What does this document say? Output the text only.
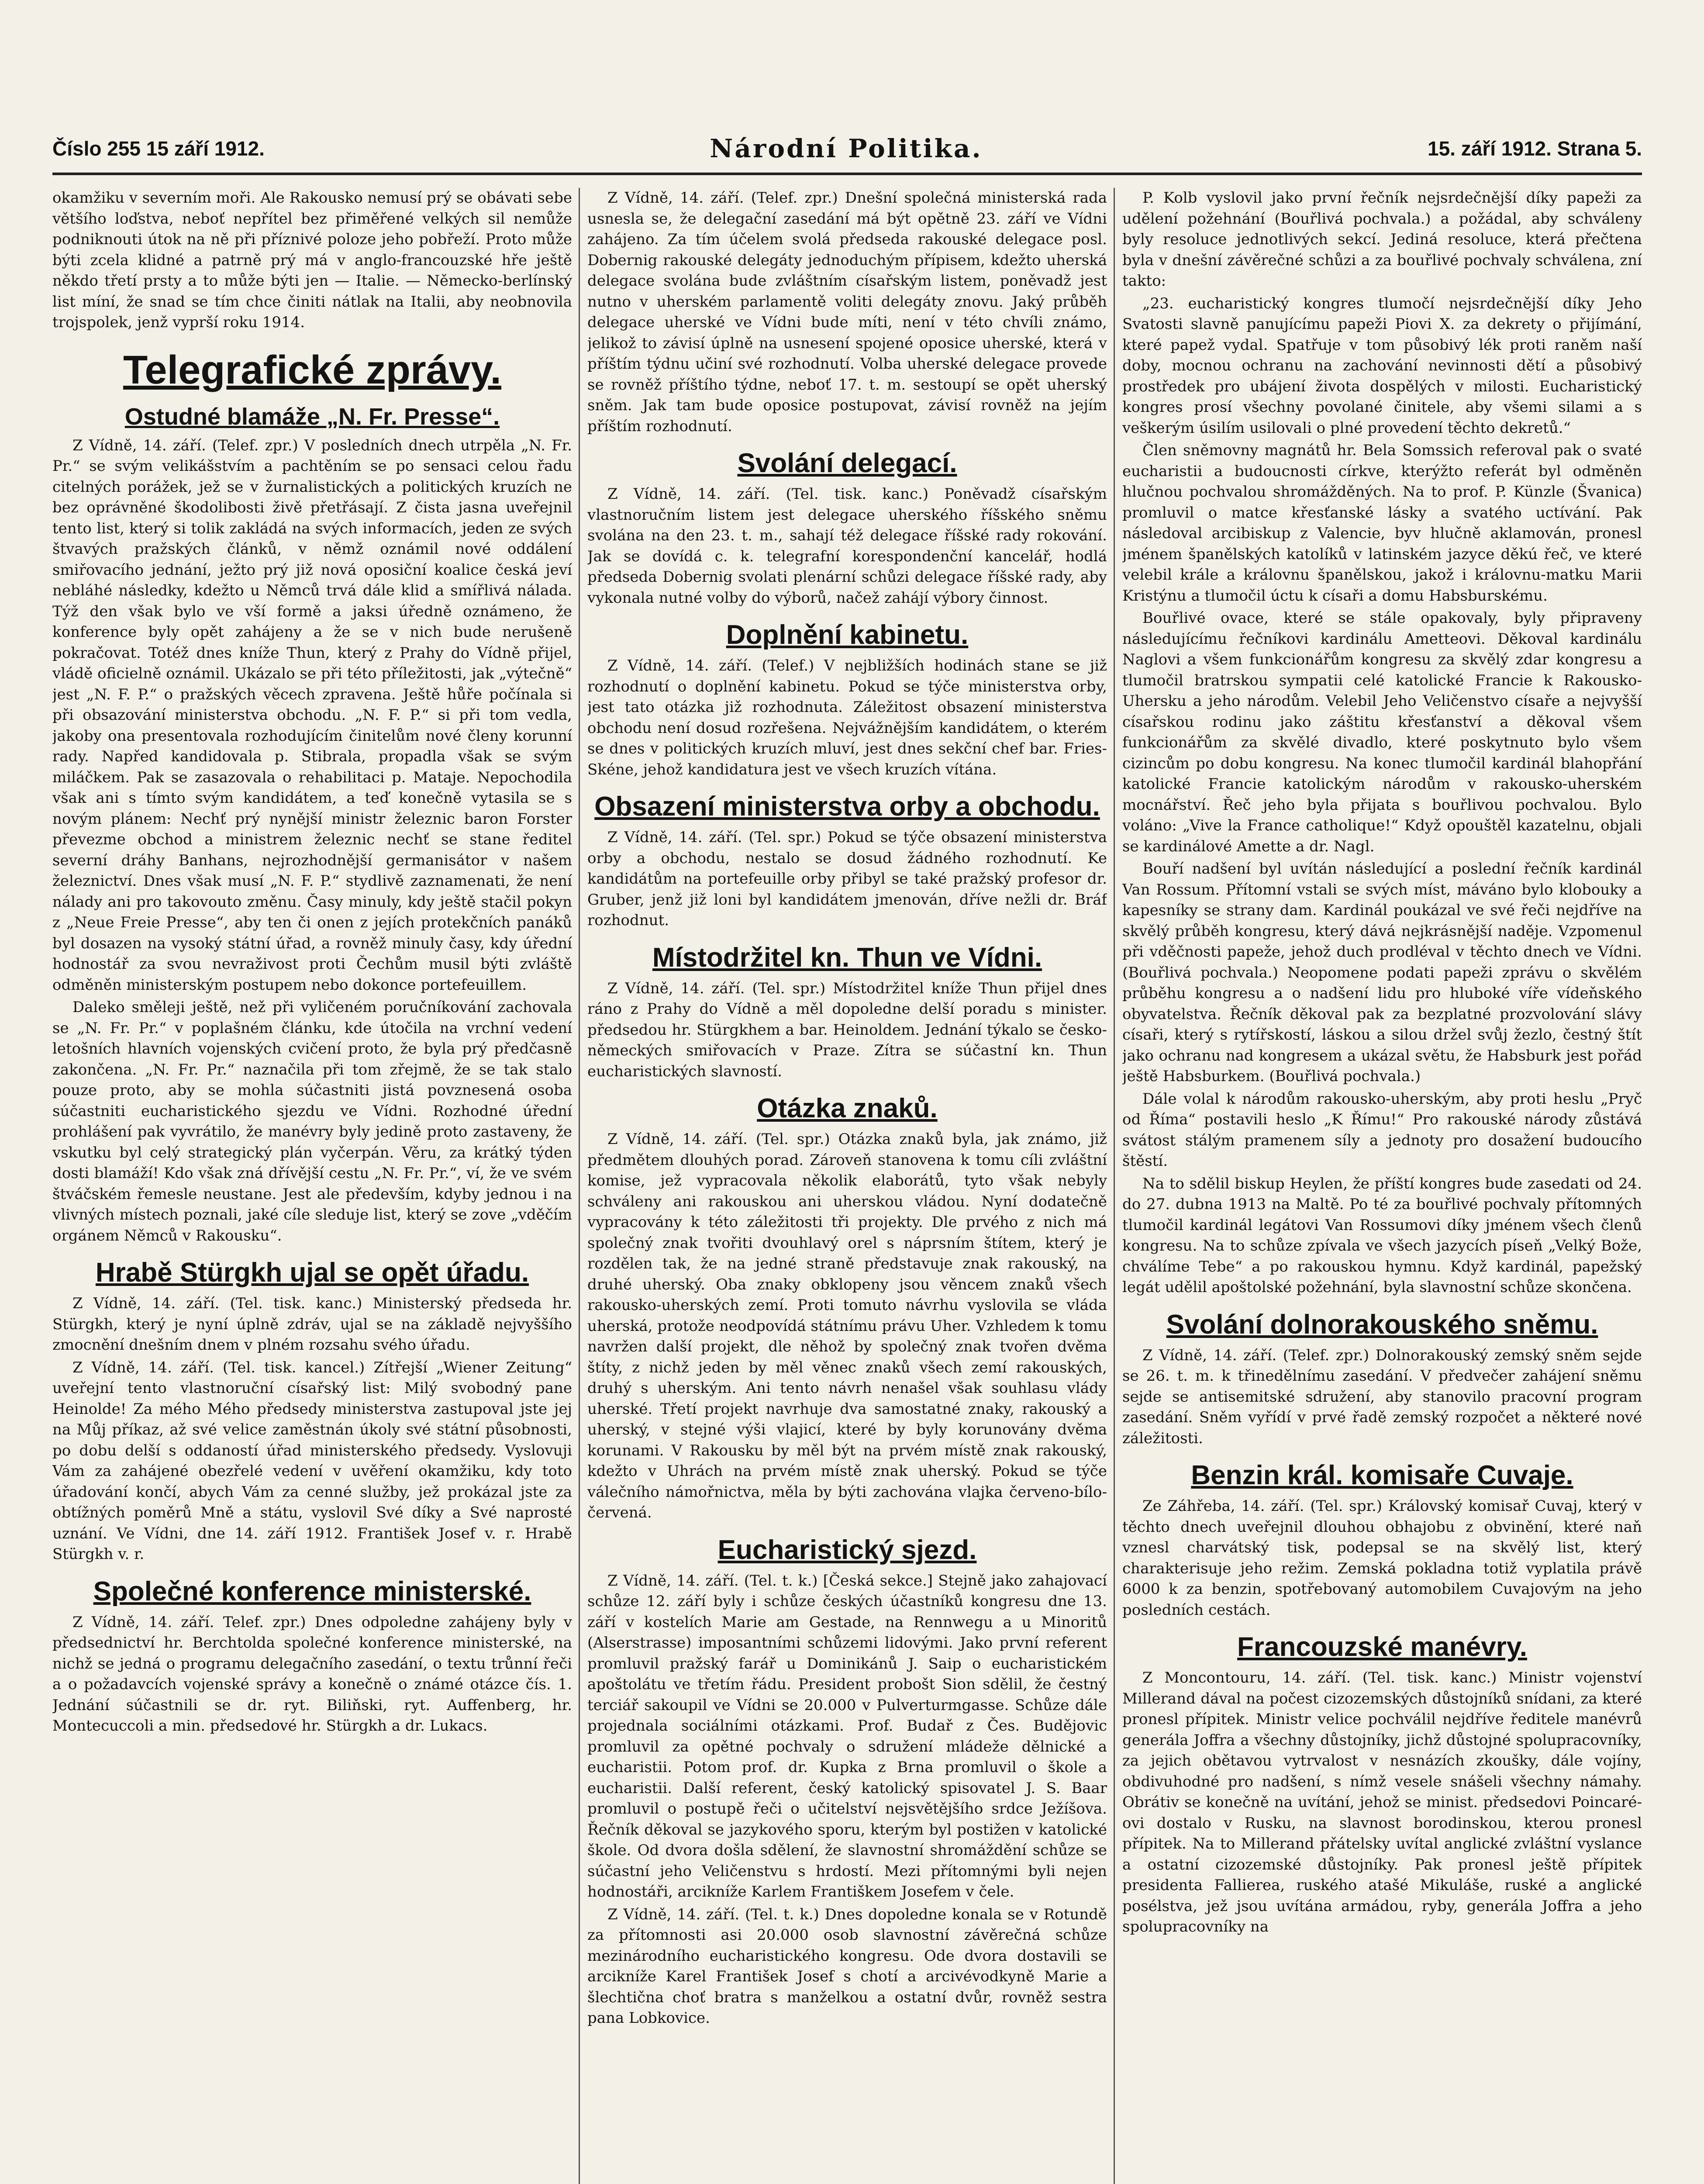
Číslo 255 15 září 1912.	Národní Politika.	15. září 1912. Strana 5.

okamžiku v severním moři. Ale Rakousko nemusí prý se obávati sebe většího loďstva, neboť nepřítel bez přiměřené velkých sil nemůže podniknouti útok na ně při příznivé poloze jeho pobřeží. Proto může býti zcela klidné a patrně prý má v anglo-francouzské hře ještě někdo třetí prsty a to může býti jen — Italie. — Německo-berlínský list míní, že snad se tím chce činiti nátlak na Italii, aby neobnovila trojspolek, jenž vyprší roku 1914.

Telegrafické zprávy.
Ostudné blamáže „N. Fr. Presse“.

Z Vídně, 14. září. (Telef. zpr.) V posledních dnech utrpěla „N. Fr. Pr.“ se svým velikášstvím a pachtěním se po sensaci celou řadu citelných porážek, jež se v žurnalistických a politických kruzích ne bez oprávněné škodolibosti živě přetřásají. Z čista jasna uveřejnil tento list, který si tolik zakládá na svých informacích, jeden ze svých štvavých pražských článků, v němž oznámil nové oddálení smiřovacího jednání, ježto prý již nová oposiční koalice česká jeví nebláhé následky, kdežto u Němců trvá dále klid a smířlivá nálada. Týž den však bylo ve vší formě a jaksi úředně oznámeno, že konference byly opět zahájeny a že se v nich bude nerušeně pokračovat. Totéž dnes kníže Thun, který z Prahy do Vídně přijel, vládě oficielně oznámil. Ukázalo se při této příležitosti, jak „výtečně“ jest „N. F. P.“ o pražských věcech zpravena. Ještě hůře počínala si při obsazování ministerstva obchodu. „N. F. P.“ si při tom vedla, jakoby ona presentovala rozhodujícím činitelům nové členy korunní rady. Napřed kandidovala p. Stibrala, propadla však se svým miláčkem. Pak se zasazovala o rehabilitaci p. Mataje. Nepochodila však ani s tímto svým kandidátem, a teď konečně vytasila se s novým plánem: Nechť prý nynější ministr železnic baron Forster převezme obchod a ministrem železnic nechť se stane ředitel severní dráhy Banhans, nejrozhodnější germanisátor v našem železnictví. Dnes však musí „N. F. P.“ stydlivě zaznamenati, že není nálady ani pro takovouto změnu. Časy minuly, kdy ještě stačil pokyn z „Neue Freie Presse“, aby ten či onen z jejích protekčních panáků byl dosazen na vysoký státní úřad, a rovněž minuly časy, kdy úřední hodnostář za svou nevraživost proti Čechům musil býti zvláště odměněn ministerským postupem nebo dokonce portefeuillem.

Daleko směleji ještě, než při vyličeném poručníkování zachovala se „N. Fr. Pr.“ v poplašném článku, kde útočila na vrchní vedení letošních hlavních vojenských cvičení proto, že byla prý předčasně zakončena. „N. Fr. Pr.“ naznačila při tom zřejmě, že se tak stalo pouze proto, aby se mohla súčastniti jistá povznesená osoba súčastniti eucharistického sjezdu ve Vídni. Rozhodné úřední prohlášení pak vyvrátilo, že manévry byly jedině proto zastaveny, že vskutku byl celý strategický plán vyčerpán. Věru, za krátký týden dosti blamáží! Kdo však zná dřívější cestu „N. Fr. Pr.“, ví, že ve svém štváčském řemesle neustane. Jest ale především, kdyby jednou i na vlivných místech poznali, jaké cíle sleduje list, který se zove „vděčím orgánem Němců v Rakousku“.

Hrabě Stürgkh ujal se opět úřadu.

Z Vídně, 14. září. (Tel. tisk. kanc.) Ministerský předseda hr. Stürgkh, který je nyní úplně zdráv, ujal se na základě nejvyššího zmocnění dnešním dnem v plném rozsahu svého úřadu.

Z Vídně, 14. září. (Tel. tisk. kancel.) Zítřejší „Wiener Zeitung“ uveřejní tento vlastnoruční císařský list: Milý svobodný pane Heinolde! Za mého Mého předsedy ministerstva zastupoval jste jej na Můj příkaz, až své velice zaměstnán úkoly své státní působnosti, po dobu delší s oddaností úřad ministerského předsedy. Vyslovuji Vám za zahájené obezřelé vedení v uvěření okamžiku, kdy toto úřadování končí, abych Vám za cenné služby, jež prokázal jste za obtížných poměrů Mně a státu, vyslovil Své díky a Své naprosté uznání. Ve Vídni, dne 14. září 1912. František Josef v. r. Hrabě Stürgkh v. r.

Společné konference ministerské.

Z Vídně, 14. září. Telef. zpr.) Dnes odpoledne zahájeny byly v předsednictví hr. Berchtolda společné konference ministerské, na nichž se jedná o programu delegačního zasedání, o textu trůnní řeči a o požadavcích vojenské správy a konečně o známé otázce čís. 1. Jednání súčastnili se dr. ryt. Biliňski, ryt. Auffenberg, hr. Montecuccoli a min. předsedové hr. Stürgkh a dr. Lukacs.

Z Vídně, 14. září. (Telef. zpr.) Dnešní společná ministerská rada usnesla se, že delegační zasedání má být opětně 23. září ve Vídni zahájeno. Za tím účelem svolá předseda rakouské delegace posl. Dobernig rakouské delegáty jednoduchým přípisem, kdežto uherská delegace svolána bude zvláštním císařským listem, poněvadž jest nutno v uherském parlamentě voliti delegáty znovu. Jaký průběh delegace uherské ve Vídni bude míti, není v této chvíli známo, jelikož to závisí úplně na usnesení spojené oposice uherské, která v příštím týdnu učiní své rozhodnutí. Volba uherské delegace provede se rovněž příštího týdne, neboť 17. t. m. sestoupí se opět uherský sněm. Jak tam bude oposice postupovat, závisí rovněž na jejím příštím rozhodnutí.

Svolání delegací.

Z Vídně, 14. září. (Tel. tisk. kanc.) Poněvadž císařským vlastnoručním listem jest delegace uherského říšského sněmu svolána na den 23. t. m., sahají též delegace říšské rady rokování. Jak se dovídá c. k. telegrafní korespondenční kancelář, hodlá předseda Dobernig svolati plenární schůzi delegace říšské rady, aby vykonala nutné volby do výborů, načež zahájí výbory činnost.

Doplnění kabinetu.

Z Vídně, 14. září. (Telef.) V nejbližších hodinách stane se již rozhodnutí o doplnění kabinetu. Pokud se týče ministerstva orby, jest tato otázka již rozhodnuta. Záležitost obsazení ministerstva obchodu není dosud rozřešena. Nejvážnějším kandidátem, o kterém se dnes v politických kruzích mluví, jest dnes sekční chef bar. Fries-Skéne, jehož kandidatura jest ve všech kruzích vítána.

Obsazení ministerstva orby a obchodu.

Z Vídně, 14. září. (Tel. spr.) Pokud se týče obsazení ministerstva orby a obchodu, nestalo se dosud žádného rozhodnutí. Ke kandidátům na portefeuille orby přibyl se také pražský profesor dr. Gruber, jenž již loni byl kandidátem jmenován, dříve nežli dr. Bráf rozhodnut.

Místodržitel kn. Thun ve Vídni.

Z Vídně, 14. září. (Tel. spr.) Místodržitel kníže Thun přijel dnes ráno z Prahy do Vídně a měl dopoledne delší poradu s minister. předsedou hr. Stürgkhem a bar. Heinoldem. Jednání týkalo se česko-německých smiřovacích v Praze. Zítra se súčastní kn. Thun eucharistických slavností.

Otázka znaků.

Z Vídně, 14. září. (Tel. spr.) Otázka znaků byla, jak známo, již předmětem dlouhých porad. Zároveň stanovena k tomu cíli zvláštní komise, jež vypracovala několik elaborátů, tyto však nebyly schváleny ani rakouskou ani uherskou vládou. Nyní dodatečně vypracovány k této záležitosti tři projekty. Dle prvého z nich má společný znak tvořiti dvouhlavý orel s náprsním štítem, který je rozdělen tak, že na jedné straně představuje znak rakouský, na druhé uherský. Oba znaky obklopeny jsou věncem znaků všech rakousko-uherských zemí. Proti tomuto návrhu vyslovila se vláda uherská, protože neodpovídá státnímu právu Uher. Vzhledem k tomu navržen další projekt, dle něhož by společný znak tvořen dvěma štíty, z nichž jeden by měl věnec znaků všech zemí rakouských, druhý s uherským. Ani tento návrh nenašel však souhlasu vlády uherské. Třetí projekt navrhuje dva samostatné znaky, rakouský a uherský, v stejné výši vlajicí, které by byly korunovány dvěma korunami. V Rakousku by měl být na prvém místě znak rakouský, kdežto v Uhrách na prvém místě znak uherský. Pokud se týče válečního námořnictva, měla by býti zachována vlajka červeno-bílo-červená.

Eucharistický sjezd.

Z Vídně, 14. září. (Tel. t. k.) [Česká sekce.] Stejně jako zahajovací schůze 12. září byly i schůze českých účastníků kongresu dne 13. září v kostelích Marie am Gestade, na Rennwegu a u Minoritů (Alserstrasse) imposantními schůzemi lidovými. Jako první referent promluvil pražský farář u Dominikánů J. Saip o eucharistickém apoštolátu ve třetím řádu. President probošt Sion sdělil, že čestný terciář sakoupil ve Vídni se 20.000 v Pulverturmgasse. Schůze dále projednala sociálními otázkami. Prof. Budař z Čes. Budějovic promluvil za opětné pochvaly o sdružení mládeže dělnické a eucharistii. Potom prof. dr. Kupka z Brna promluvil o škole a eucharistii. Další referent, český katolický spisovatel J. S. Baar promluvil o postupě řeči o učitelství nejsvětějšího srdce Ježíšova. Řečník děkoval se jazykového sporu, kterým byl postižen v katolické škole. Od dvora došla sdělení, že slavnostní shromáždění schůze se súčastní jeho Veličenstvu s hrdostí. Mezi přítomnými byli nejen hodnostáři, arcikníže Karlem Františkem Josefem v čele.

Z Vídně, 14. září. (Tel. t. k.) Dnes dopoledne konala se v Rotundě za přítomnosti asi 20.000 osob slavnostní závěrečná schůze mezinárodního eucharistického kongresu. Ode dvora dostavili se arcikníže Karel František Josef s chotí a arcivévodkyně Marie a šlechtična choť bratra s manželkou a ostatní dvůr, rovněž sestra pana Lobkovice.

P. Kolb vyslovil jako první řečník nejsrdečnější díky papeži za udělení požehnání (Bouřlivá pochvala.) a požádal, aby schváleny byly resoluce jednotlivých sekcí. Jediná resoluce, která přečtena byla v dnešní závěrečné schůzi a za bouřlivé pochvaly schválena, zní takto:

„23. eucharistický kongres tlumočí nejsrdečnější díky Jeho Svatosti slavně panujícímu papeži Piovi X. za dekrety o přijímání, které papež vydal. Spatřuje v tom působivý lék proti raněm naší doby, mocnou ochranu na zachování nevinnosti dětí a působivý prostředek pro ubájení života dospělých v milosti. Eucharistický kongres prosí všechny povolané činitele, aby všemi silami a s veškerým úsilím usilovali o plné provedení těchto dekretů.“

Člen sněmovny magnátů hr. Bela Somssich referoval pak o svaté eucharistii a budoucnosti církve, kterýžto referát byl odměněn hlučnou pochvalou shromážděných. Na to prof. P. Künzle (Švanica) promluvil o matce křesťanské lásky a svatého uctívání. Pak následoval arcibiskup z Valencie, byv hlučně aklamován, pronesl jménem španělských katolíků v latinském jazyce děkú řeč, ve které velebil krále a královnu španělskou, jakož i královnu-matku Marii Kristýnu a tlumočil úctu k císaři a domu Habsburskému.

Bouřlivé ovace, které se stále opakovaly, byly připraveny následujícímu řečníkovi kardinálu Ametteovi. Děkoval kardinálu Naglovi a všem funkcionářům kongresu za skvělý zdar kongresu a tlumočil bratrskou sympatii celé katolické Francie k Rakousko-Uhersku a jeho národům. Velebil Jeho Veličenstvo císaře a nejvyšší císařskou rodinu jako záštitu křesťanství a děkoval všem funkcionářům za skvělé divadlo, které poskytnuto bylo všem cizincům po dobu kongresu. Na konec tlumočil kardinál blahopřání katolické Francie katolickým národům v rakousko-uherském mocnářství. Řeč jeho byla přijata s bouřlivou pochvalou. Bylo voláno: „Vive la France catholique!“ Když opouštěl kazatelnu, objali se kardinálové Amette a dr. Nagl.

Bouří nadšení byl uvítán následující a poslední řečník kardinál Van Rossum. Přítomní vstali se svých míst, máváno bylo klobouky a kapesníky se strany dam. Kardinál poukázal ve své řeči nejdříve na skvělý průběh kongresu, který dává nejkrásnější naděje. Vzpomenul při vděčnosti papeže, jehož duch prodléval v těchto dnech ve Vídni. (Bouřlivá pochvala.) Neopomene podati papeži zprávu o skvělém průběhu kongresu a o nadšení lidu pro hluboké víře vídeňského obyvatelstva. Řečník děkoval pak za bezplatné prozvolování slávy císaři, který s rytířskostí, láskou a silou držel svůj žezlo, čestný štít jako ochranu nad kongresem a ukázal světu, že Habsburk jest pořád ještě Habsburkem. (Bouřlivá pochvala.)

Dále volal k národům rakousko-uherským, aby proti heslu „Pryč od Říma“ postavili heslo „K Římu!“ Pro rakouské národy zůstává svátost stálým pramenem síly a jednoty pro dosažení budoucího štěstí.

Na to sdělil biskup Heylen, že příští kongres bude zasedati od 24. do 27. dubna 1913 na Maltě. Po té za bouřlivé pochvaly přítomných tlumočil kardinál legátovi Van Rossumovi díky jménem všech členů kongresu. Na to schůze zpívala ve všech jazycích píseň „Velký Bože, chválíme Tebe“ a po rakouskou hymnu. Když kardinál, papežský legát udělil apoštolské požehnání, byla slavnostní schůze skončena.

Svolání dolnorakouského sněmu.

Z Vídně, 14. září. (Telef. zpr.) Dolnorakouský zemský sněm sejde se 26. t. m. k třinedělnímu zasedání. V předvečer zahájení sněmu sejde se antisemitské sdružení, aby stanovilo pracovní program zasedání. Sněm vyřídí v prvé řadě zemský rozpočet a některé nové záležitosti.

Benzin král. komisaře Cuvaje.

Ze Záhřeba, 14. září. (Tel. spr.) Královský komisař Cuvaj, který v těchto dnech uveřejnil dlouhou obhajobu z obvinění, které naň vznesl charvátský tisk, podepsal se na skvělý list, který charakterisuje jeho režim. Zemská pokladna totiž vyplatila právě 6000 k za benzin, spotřebovaný automobilem Cuvajovým na jeho posledních cestách.

Francouzské manévry.

Z Moncontouru, 14. září. (Tel. tisk. kanc.) Ministr vojenství Millerand dával na počest cizozemských důstojníků snídani, za které pronesl přípitek. Ministr velice pochválil nejdříve ředitele manévrů generála Joffra a všechny důstojníky, jichž důstojné spolupracovníky, za jejich obětavou vytrvalost v nesnázích zkoušky, dále vojíny, obdivuhodné pro nadšení, s nímž vesele snášeli všechny námahy. Obrátiv se konečně na uvítání, jehož se minist. předsedovi Poincaré-ovi dostalo v Rusku, na slavnost borodinskou, kterou pronesl přípitek. Na to Millerand přátelsky uvítal anglické zvláštní vyslance a ostatní cizozemské důstojníky. Pak pronesl ještě přípitek presidenta Fallierea, ruského atašé Mikuláše, ruské a anglické posélstva, jež jsou uvítána armádou, ryby, generála Joffra a jeho spolupracovníky na
